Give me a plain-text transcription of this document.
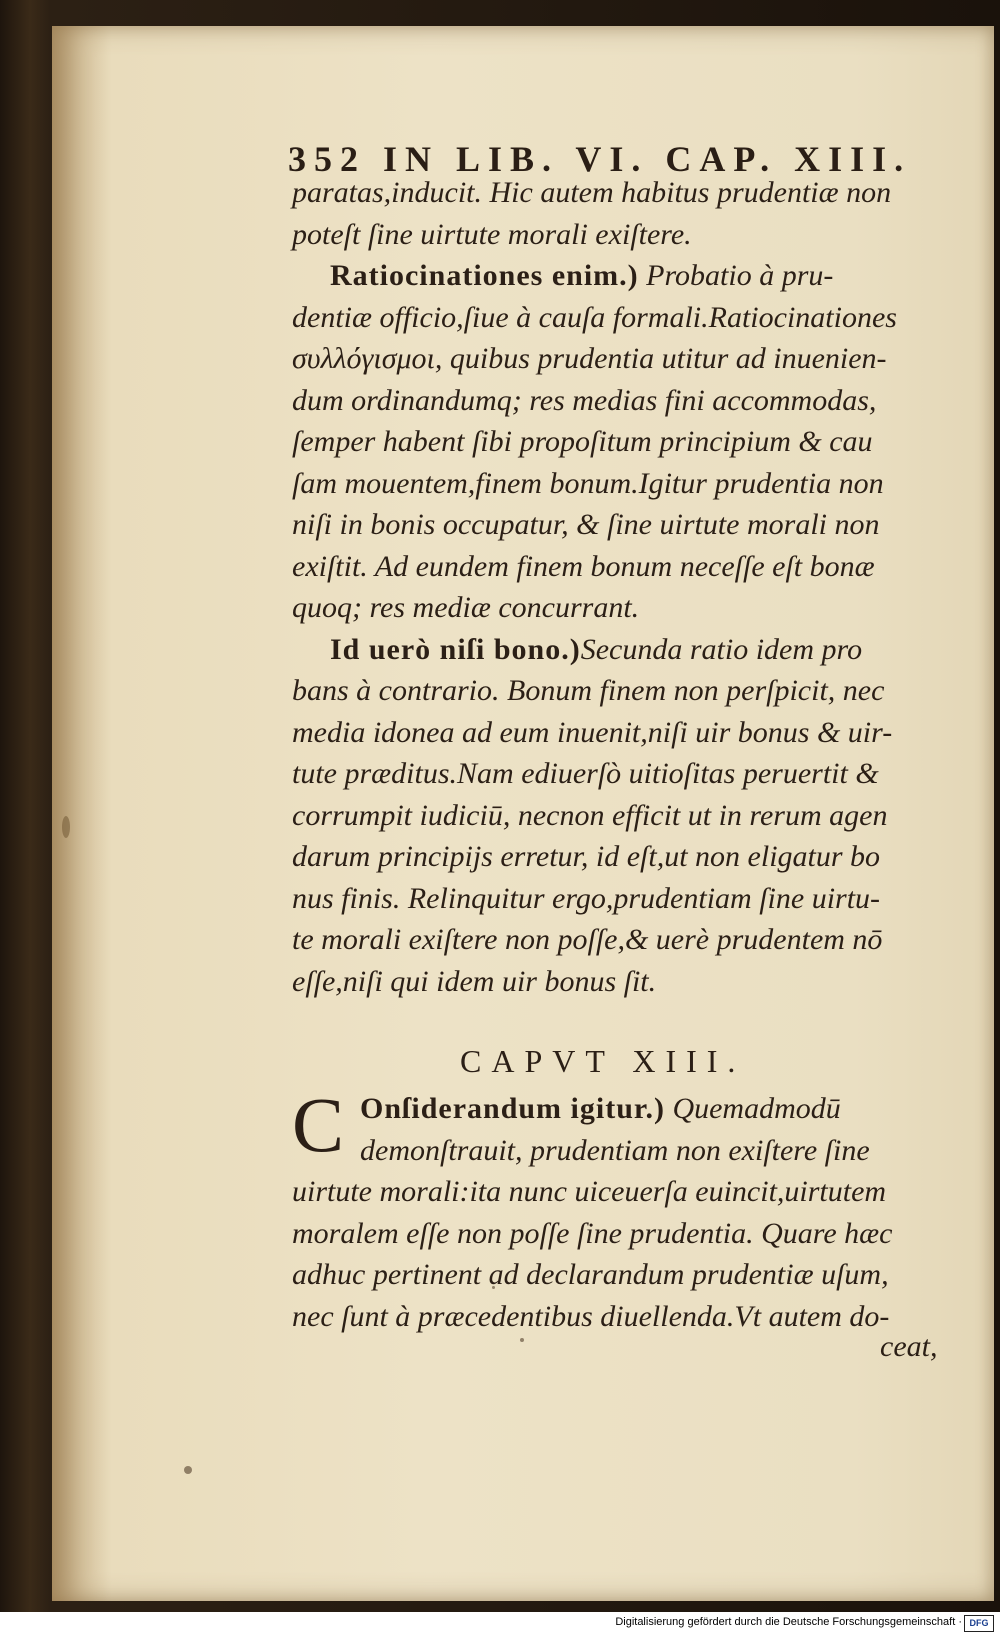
352 IN LIB. VI. CAP. XIII.
paratas,inducit. Hic autem habitus prudentiæ non
poteſt ſine uirtute morali exiſtere.
Ratiocinationes enim.) Probatio à pru-
dentiæ officio,ſiue à cauſa formali.Ratiocinationes
συλλόγισμοι, quibus prudentia utitur ad inuenien-
dum ordinandumq; res medias fini accommodas,
ſemper habent ſibi propoſitum principium & cau
ſam mouentem,finem bonum.Igitur prudentia non
niſi in bonis occupatur, & ſine uirtute morali non
exiſtit. Ad eundem finem bonum neceſſe eſt bonæ
quoq; res mediæ concurrant.
Id uerò niſi bono.)Secunda ratio idem pro
bans à contrario. Bonum finem non perſpicit, nec
media idonea ad eum inuenit,niſi uir bonus & uir-
tute præditus.Nam ediuerſò uitioſitas peruertit &
corrumpit iudiciū, necnon efficit ut in rerum agen
darum principijs erretur, id eſt,ut non eligatur bo
nus finis. Relinquitur ergo,prudentiam ſine uirtu-
te morali exiſtere non poſſe,& uerè prudentem nō
eſſe,niſi qui idem uir bonus ſit.
CAPVT XIII.
C Onſiderandum igitur.) Quemadmodū
demonſtrauit, prudentiam non exiſtere ſine
uirtute morali:ita nunc uiceuerſa euincit,uirtutem
moralem eſſe non poſſe ſine prudentia. Quare hæc
adhuc pertinent ad declarandum prudentiæ uſum,
nec ſunt à præcedentibus diuellenda.Vt autem do-
ceat,
Digitalisierung gefördert durch die Deutsche Forschungsgemeinschaft · DFG
